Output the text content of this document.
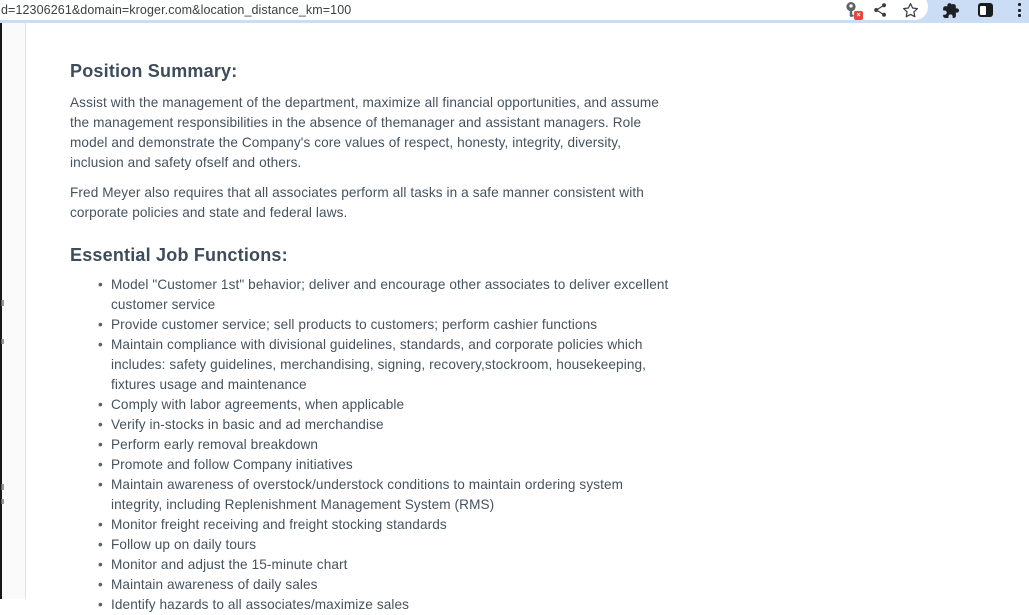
d=12306261&domain=kroger.com&location_distance_km=100	×
Position Summary:

Assist with the management of the department, maximize all financial opportunities, and assume the management responsibilities in the absence of themanager and assistant managers. Role model and demonstrate the Company's core values of respect, honesty, integrity, diversity, inclusion and safety ofself and others.

Fred Meyer also requires that all associates perform all tasks in a safe manner consistent with corporate policies and state and federal laws.

Essential Job Functions:
• Model "Customer 1st" behavior; deliver and encourage other associates to deliver excellent customer service
• Provide customer service; sell products to customers; perform cashier functions
• Maintain compliance with divisional guidelines, standards, and corporate policies which includes: safety guidelines, merchandising, signing, recovery,stockroom, housekeeping, fixtures usage and maintenance
• Comply with labor agreements, when applicable
• Verify in-stocks in basic and ad merchandise
• Perform early removal breakdown
• Promote and follow Company initiatives
• Maintain awareness of overstock/understock conditions to maintain ordering system integrity, including Replenishment Management System (RMS)
• Monitor freight receiving and freight stocking standards
• Follow up on daily tours
• Monitor and adjust the 15-minute chart
• Maintain awareness of daily sales
• Identify hazards to all associates/maximize sales
